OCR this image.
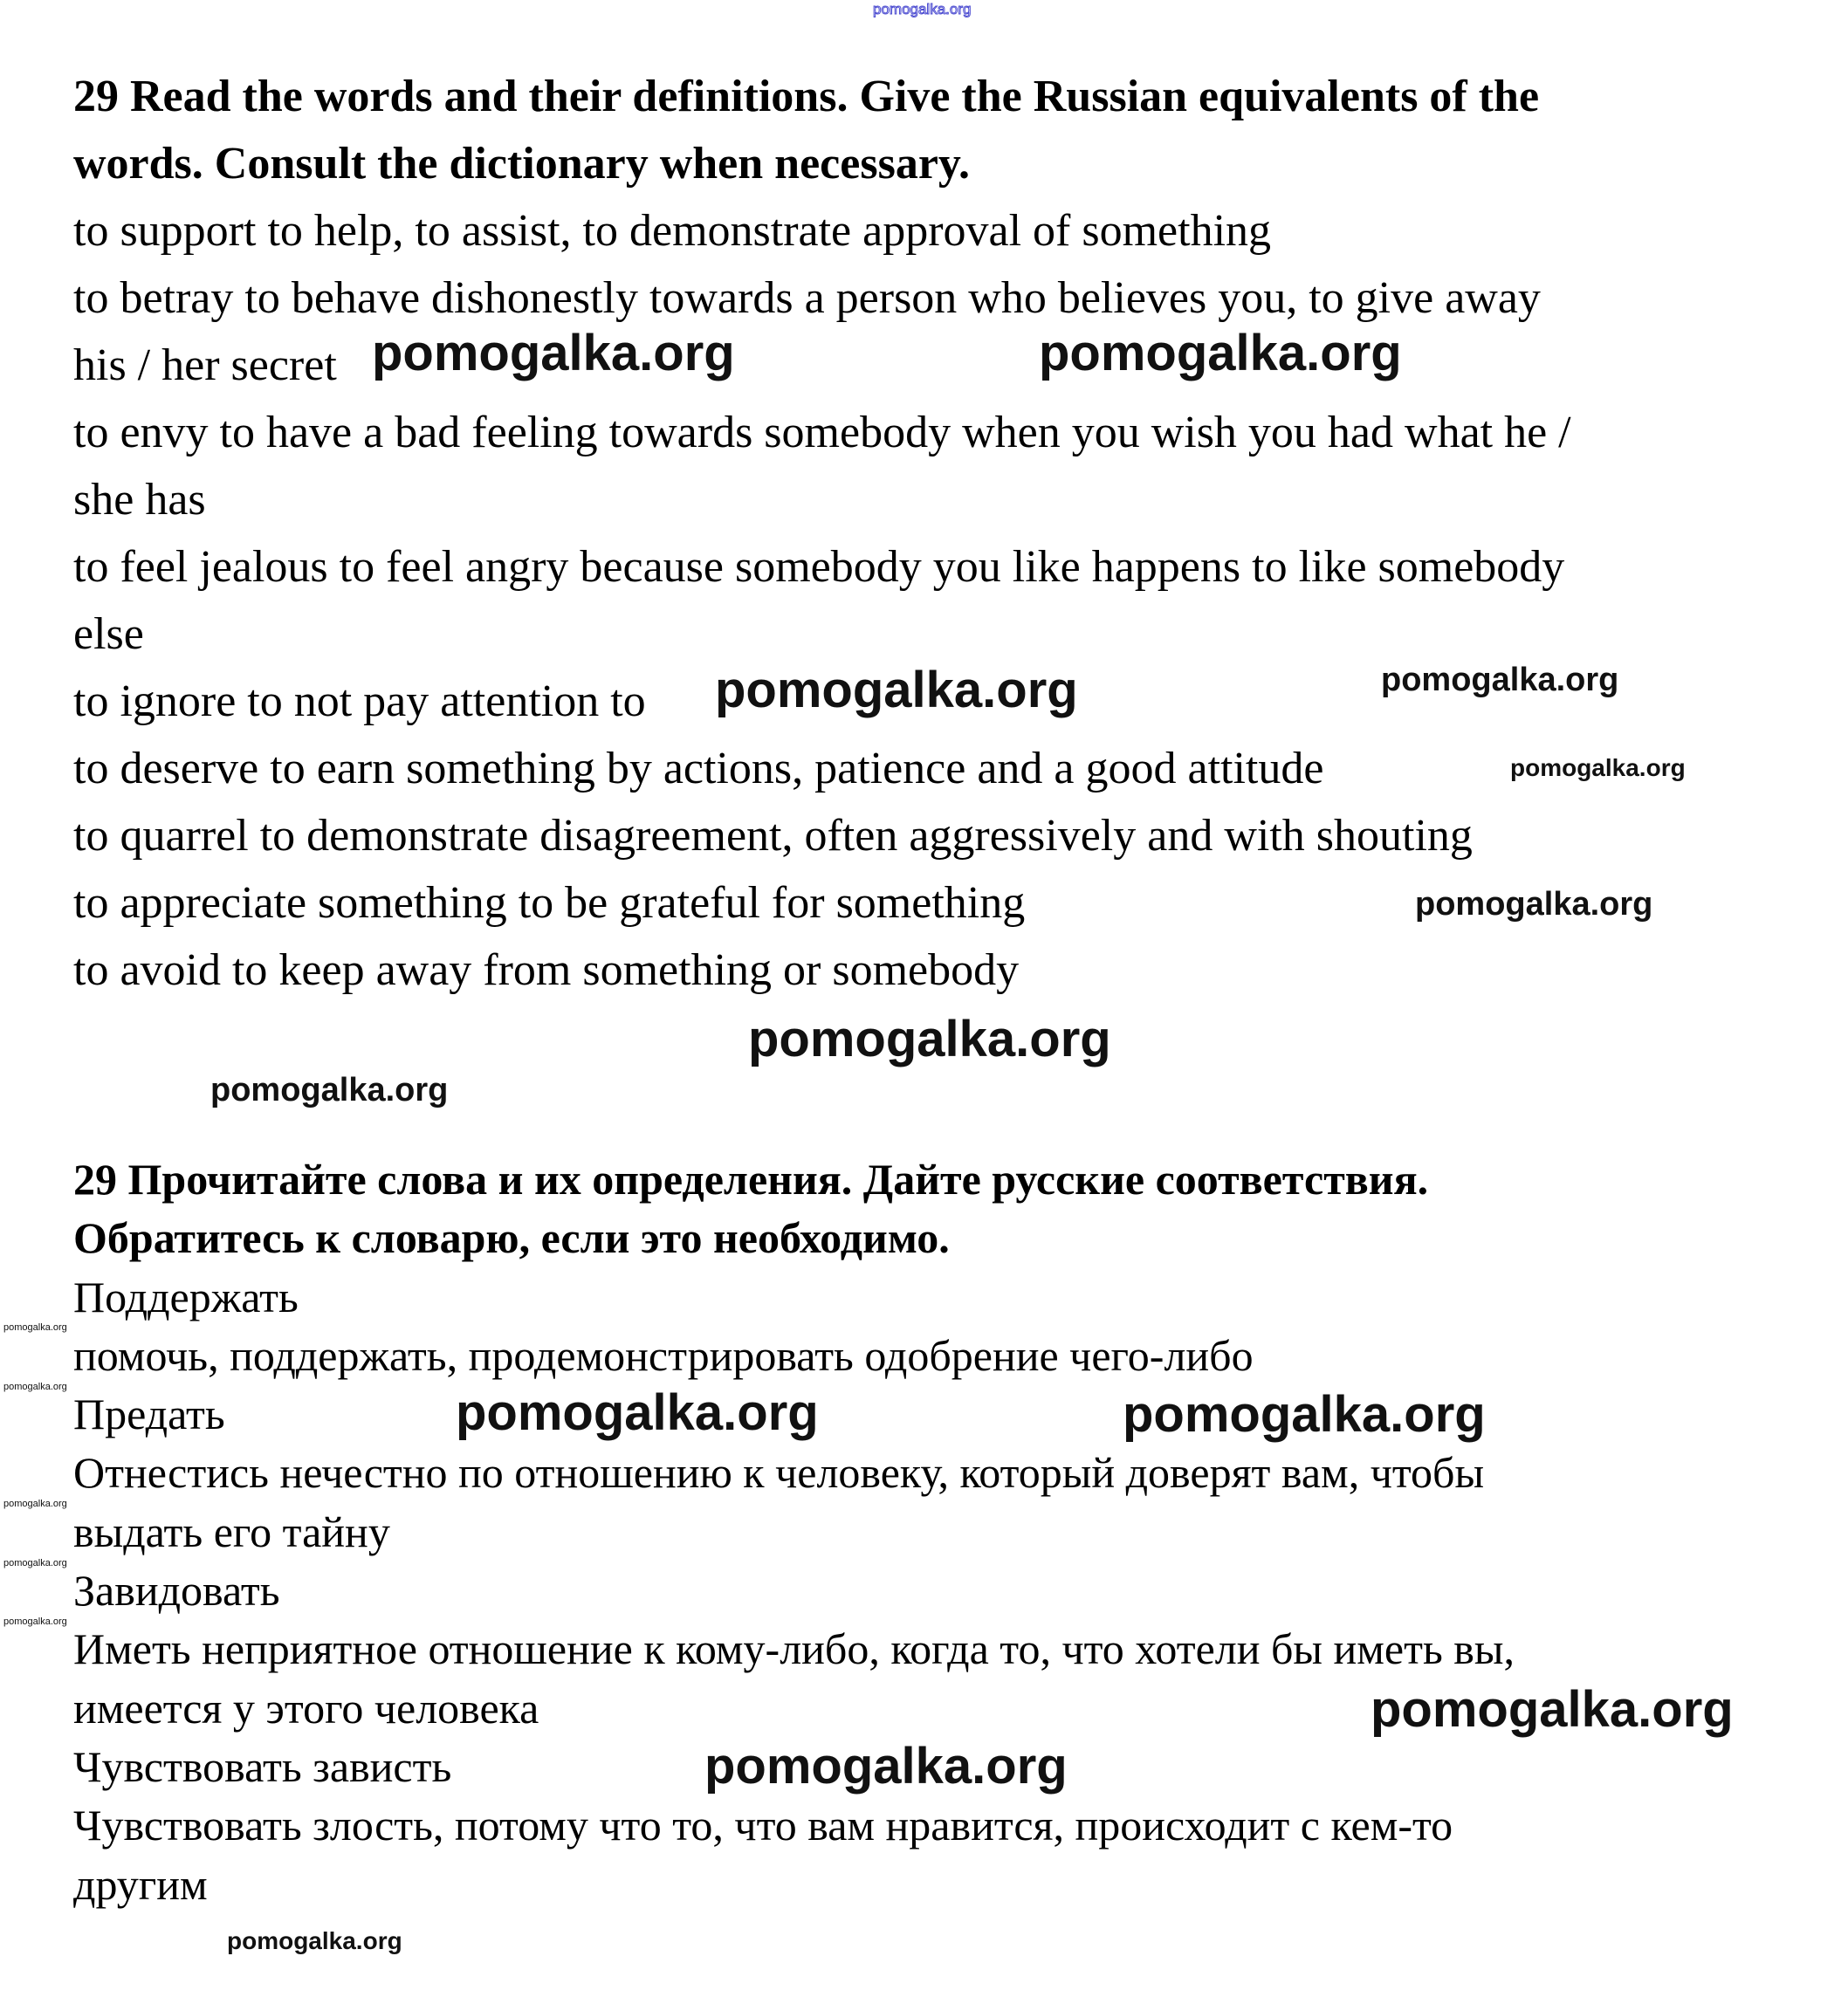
pomogalka.org
29 Read the words and their definitions. Give the Russian equivalents of the
words. Consult the dictionary when necessary.
to support to help, to assist, to demonstrate approval of something
to betray to behave dishonestly towards a person who believes you, to give away
his / her secret
to envy to have a bad feeling towards somebody when you wish you had what he /
she has
to feel jealous to feel angry because somebody you like happens to like somebody
else
to ignore to not pay attention to
to deserve to earn something by actions, patience and a good attitude
to quarrel to demonstrate disagreement, often aggressively and with shouting
to appreciate something to be grateful for something
to avoid to keep away from something or somebody
29 Прочитайте слова и их определения. Дайте русские соответствия.
Обратитесь к словарю, если это необходимо.
Поддержать
помочь, поддержать, продемонстрировать одобрение чего-либо
Предать
Отнестись нечестно по отношению к человеку, который доверят вам, чтобы
выдать его тайну
Завидовать
Иметь неприятное отношение к кому-либо, когда то, что хотели бы иметь вы,
имеется у этого человека
Чувствовать зависть
Чувствовать злость, потому что то, что вам нравится, происходит с кем-то
другим
pomogalka.org	pomogalka.org
pomogalka.org
pomogalka.org
pomogalka.org	pomogalka.org
pomogalka.org
pomogalka.org
pomogalka.org
pomogalka.org
pomogalka.org
pomogalka.org
pomogalka.org
pomogalka.org
pomogalka.org
pomogalka.org
pomogalka.org
pomogalka.org
